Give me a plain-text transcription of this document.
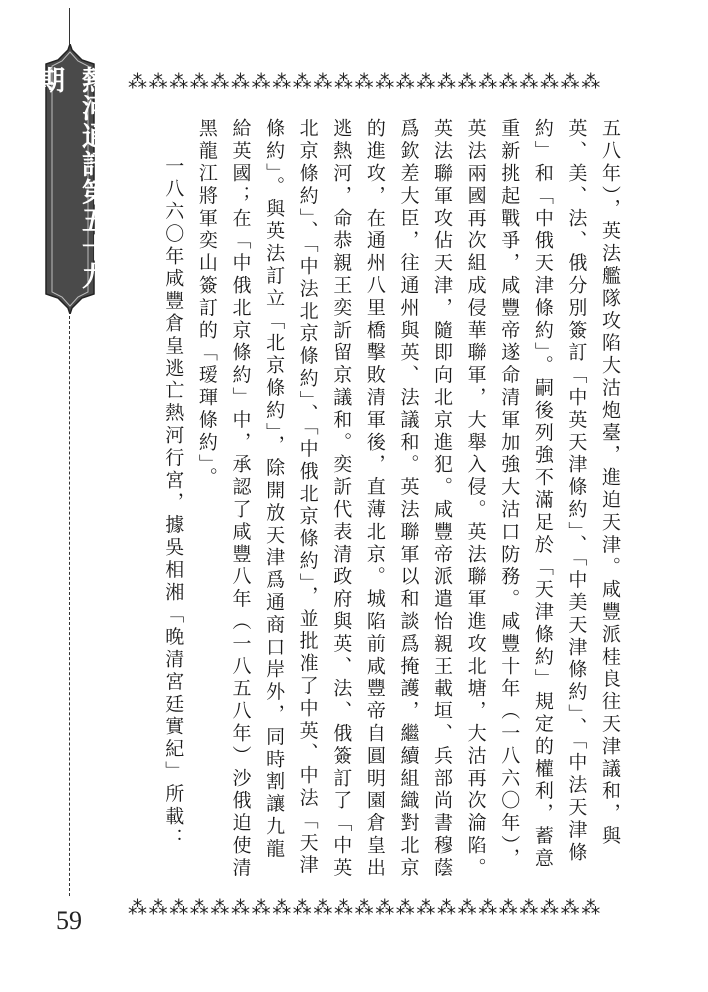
熱河通訊第五十九期	⁂⁂⁂⁂⁂⁂⁂⁂⁂⁂⁂⁂⁂⁂⁂⁂⁂⁂⁂⁂⁂⁂⁂

五八年），英法艦隊攻陷大沽炮臺，進迫天津。咸豐派桂良往天津議和，與英、美、法、俄分別簽訂「中英天津條約」、「中美天津條約」、「中法天津條約」和「中俄天津條約」。嗣後列強不滿足於「天津條約」規定的權利，蓄意重新挑起戰爭，咸豐帝遂命清軍加強大沽口防務。咸豐十年（一八六〇年），英法兩國再次組成侵華聯軍，大舉入侵。英法聯軍進攻北塘，大沽再次淪陷。英法聯軍攻佔天津，隨即向北京進犯。咸豐帝派遣怡親王載垣、兵部尚書穆蔭爲欽差大臣，往通州與英、法議和。英法聯軍以和談爲掩護，繼續組織對北京的進攻，在通州八里橋擊敗清軍後，直薄北京。城陷前咸豐帝自圓明園倉皇出逃熱河，命恭親王奕訢留京議和。奕訢代表清政府與英、法、俄簽訂了「中英北京條約」、「中法北京條約」、「中俄北京條約」，並批准了中英、中法「天津條約」。與英法訂立「北京條約」，除開放天津爲通商口岸外，同時割讓九龍給英國；在「中俄北京條約」中，承認了咸豐八年（一八五八年）沙俄迫使清黑龍江將軍奕山簽訂的「瑷琿條約」。

一八六〇年咸豐倉皇逃亡熱河行宮，據吳相湘「晚清宮廷實紀」所載：

⁂⁂⁂⁂⁂⁂⁂⁂⁂⁂⁂⁂⁂⁂⁂⁂⁂⁂⁂⁂⁂⁂⁂
59
